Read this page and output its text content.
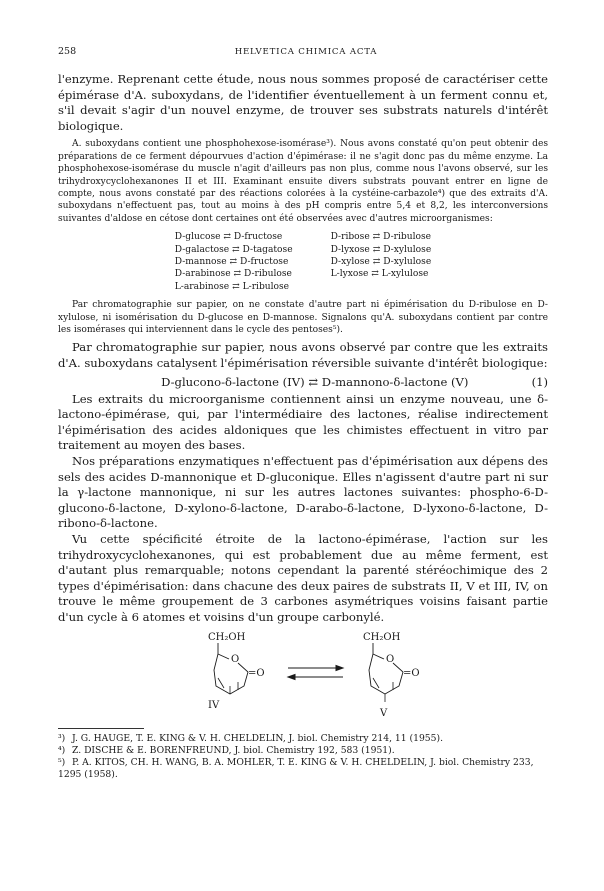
258	HELVETICA CHIMICA ACTA

l'enzyme. Reprenant cette étude, nous nous sommes proposé de caractériser cette épimérase d'A. suboxydans, de l'identifier éventuellement à un ferment connu et, s'il devait s'agir d'un nouvel enzyme, de trouver ses substrats naturels d'intérêt biologique.

A. suboxydans contient une phosphohexose-isomérase³). Nous avons constaté qu'on peut obtenir des préparations de ce ferment dépourvues d'action d'épimérase: il ne s'agit donc pas du même enzyme. La phosphohexose-isomérase du muscle n'agit d'ailleurs pas non plus, comme nous l'avons observé, sur les trihydroxycyclohexanones II et III. Examinant ensuite divers substrats pouvant entrer en ligne de compte, nous avons constaté par des réactions colorées à la cystéine-carbazole⁴) que des extraits d'A. suboxydans n'effectuent pas, tout au moins à des pH compris entre 5,4 et 8,2, les interconversions suivantes d'aldose en cétose dont certaines ont été observées avec d'autres microorganismes:

D-glucose ⇄ D-fructose
D-galactose ⇄ D-tagatose
D-mannose ⇄ D-fructose
D-arabinose ⇄ D-ribulose
L-arabinose ⇄ L-ribulose
D-ribose ⇄ D-ribulose
D-lyxose ⇄ D-xylulose
D-xylose ⇄ D-xylulose
L-lyxose ⇄ L-xylulose

Par chromatographie sur papier, on ne constate d'autre part ni épimérisation du D-ribulose en D-xylulose, ni isomérisation du D-glucose en D-mannose. Signalons qu'A. suboxydans contient par contre les isomérases qui interviennent dans le cycle des pentoses⁵).

Par chromatographie sur papier, nous avons observé par contre que les extraits d'A. suboxydans catalysent l'épimérisation réversible suivante d'intérêt biologique:

D-glucono-δ-lactone (IV) ⇄ D-mannono-δ-lactone (V)	(1)

Les extraits du microorganisme contiennent ainsi un enzyme nouveau, une δ-lactono-épimérase, qui, par l'intermédiaire des lactones, réalise indirectement l'épimérisation des acides aldoniques que les chimistes effectuent in vitro par traitement au moyen des bases.

Nos préparations enzymatiques n'effectuent pas d'épimérisation aux dépens des sels des acides D-mannonique et D-gluconique. Elles n'agissent d'autre part ni sur la γ-lactone mannonique, ni sur les autres lactones suivantes: phospho-6-D-glucono-δ-lactone, D-xylono-δ-lactone, D-arabo-δ-lactone, D-lyxono-δ-lactone, D-ribono-δ-lactone.

Vu cette spécificité étroite de la lactono-épimérase, l'action sur les trihydroxycyclohexanones, qui est probablement due au même ferment, est d'autant plus remarquable; notons cependant la parenté stéréochimique des 2 types d'épimérisation: dans chacune des deux paires de substrats II, V et III, IV, on trouve le même groupement de 3 carbones asymétriques voisins faisant partie d'un cycle à 6 atomes et voisins d'un groupe carbonylé.

CH₂OH
O
=O
IV
CH₂OH
O
=O
V
³) J. G. HAUGE, T. E. KING & V. H. CHELDELIN, J. biol. Chemistry 214, 11 (1955).
⁴) Z. DISCHE & E. BORENFREUND, J. biol. Chemistry 192, 583 (1951).
⁵) P. A. KITOS, CH. H. WANG, B. A. MOHLER, T. E. KING & V. H. CHELDELIN, J. biol. Chemistry 233, 1295 (1958).
